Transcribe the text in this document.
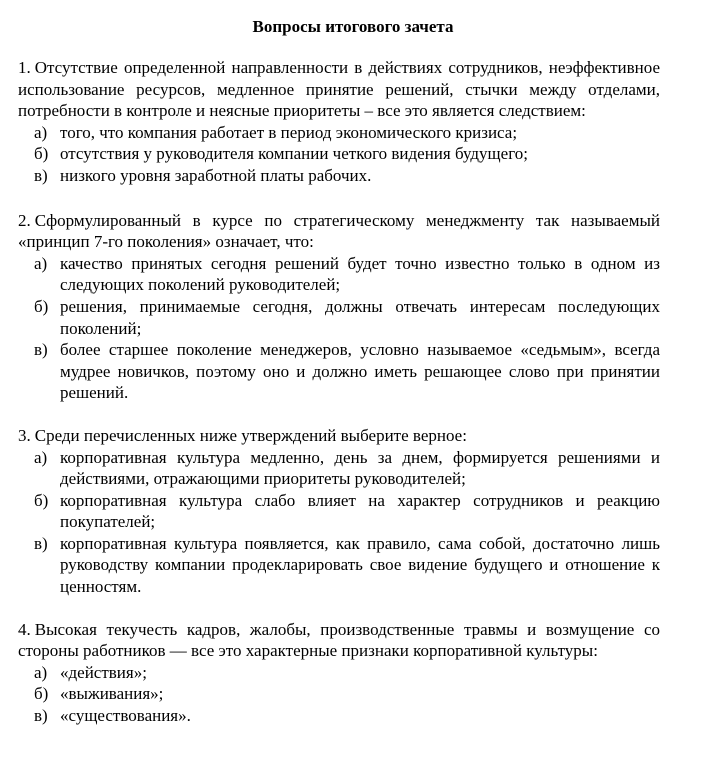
Вопросы итогового зачета

1. Отсутствие определенной направленности в действиях сотрудников, неэффективное использование ресурсов, медленное принятие решений, стычки между отделами, потребности в контроле и неясные приоритеты – все это является следствием:

а) того, что компания работает в период экономического кризиса;
б) отсутствия у руководителя компании четкого видения будущего;
в) низкого уровня заработной платы рабочих.

2. Сформулированный в курсе по стратегическому менеджменту так называемый «принцип 7-го поколения» означает, что:

а) качество принятых сегодня решений будет точно известно только в одном из следующих поколений руководителей;
б) решения, принимаемые сегодня, должны отвечать интересам последующих поколений;
в) более старшее поколение менеджеров, условно называемое «седьмым», всегда мудрее новичков, поэтому оно и должно иметь решающее слово при принятии решений.

3. Среди перечисленных ниже утверждений выберите верное:

а) корпоративная культура медленно, день за днем, формируется решениями и действиями, отражающими приоритеты руководителей;
б) корпоративная культура слабо влияет на характер сотрудников и реакцию покупателей;
в) корпоративная культура появляется, как правило, сама собой, достаточно лишь руководству компании продекларировать свое видение будущего и отношение к ценностям.

4. Высокая текучесть кадров, жалобы, производственные травмы и возмущение со стороны работников — все это характерные признаки корпоративной культуры:

а) «действия»;
б) «выживания»;
в) «существования».
